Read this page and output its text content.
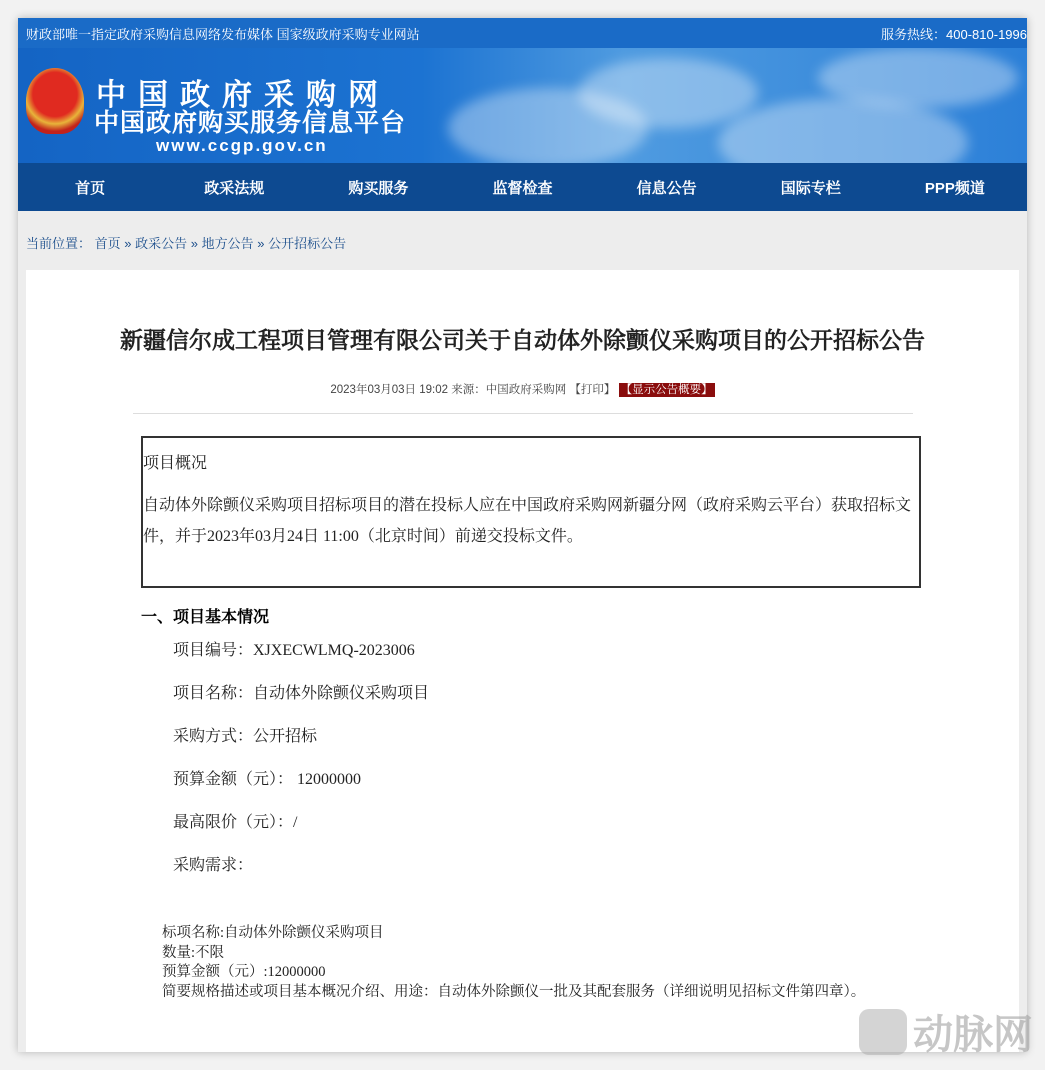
财政部唯一指定政府采购信息网络发布媒体 国家级政府采购专业网站	服务热线：400-810-1996
中国政府采购网
中国政府购买服务信息平台
www.ccgp.gov.cn
首页	政采法规	购买服务	监督检查	信息公告	国际专栏	PPP频道
当前位置： 首页 » 政采公告 » 地方公告 » 公开招标公告
新疆信尔成工程项目管理有限公司关于自动体外除颤仪采购项目的公开招标公告
2023年03月03日 19:02 来源：中国政府采购网 【打印】 【显示公告概要】

项目概况

自动体外除颤仪采购项目招标项目的潜在投标人应在中国政府采购网新疆分网（政府采购云平台）获取招标文件，并于2023年03月24日 11:00（北京时间）前递交投标文件。

一、项目基本情况
项目编号：XJXECWLMQ-2023006
项目名称：自动体外除颤仪采购项目
采购方式：公开招标
预算金额（元）： 12000000
最高限价（元）：/
采购需求：
标项名称:自动体外除颤仪采购项目
数量:不限
预算金额（元）:12000000
简要规格描述或项目基本概况介绍、用途：自动体外除颤仪一批及其配套服务（详细说明见招标文件第四章）。
动脉网
